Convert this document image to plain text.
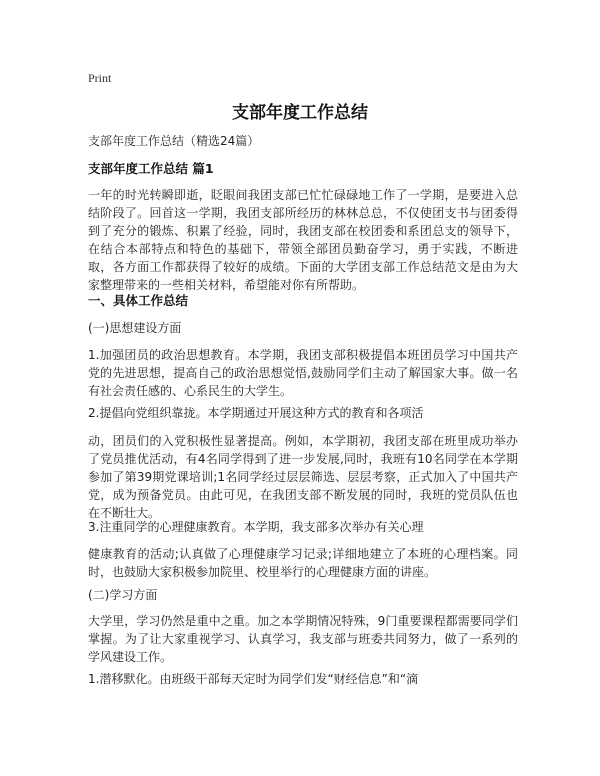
Print
支部年度工作总结
支部年度工作总结（精选24篇）
支部年度工作总结 篇1
一年的时光转瞬即逝，眨眼间我团支部已忙忙碌碌地工作了一学期，是要进入总结阶段了。回首这一学期，我团支部所经历的林林总总，不仅使团支书与团委得到了充分的锻炼、积累了经验，同时，我团支部在校团委和系团总支的领导下，在结合本部特点和特色的基础下，带领全部团员勤奋学习，勇于实践，不断进取，各方面工作都获得了较好的成绩。下面的大学团支部工作总结范文是由为大家整理带来的一些相关材料，希望能对你有所帮助。
一、具体工作总结
(一)思想建设方面
1.加强团员的政治思想教育。本学期，我团支部积极提倡本班团员学习中国共产党的先进思想，提高自己的政治思想觉悟,鼓励同学们主动了解国家大事。做一名有社会责任感的、心系民生的大学生。
2.提倡向党组织靠拢。本学期通过开展这种方式的教育和各项活
动，团员们的入党积极性显著提高。例如，本学期初，我团支部在班里成功举办了党员推优活动，有4名同学得到了进一步发展,同时，我班有10名同学在本学期参加了第39期党课培训;1名同学经过层层筛选、层层考察，正式加入了中国共产党，成为预备党员。由此可见，在我团支部不断发展的同时，我班的党员队伍也在不断壮大。
3.注重同学的心理健康教育。本学期，我支部多次举办有关心理
健康教育的活动;认真做了心理健康学习记录;详细地建立了本班的心理档案。同时，也鼓励大家积极参加院里、校里举行的心理健康方面的讲座。
(二)学习方面
大学里，学习仍然是重中之重。加之本学期情况特殊，9门重要课程都需要同学们掌握。为了让大家重视学习、认真学习，我支部与班委共同努力，做了一系列的学风建设工作。
1.潜移默化。由班级干部每天定时为同学们发“财经信息”和“滴
